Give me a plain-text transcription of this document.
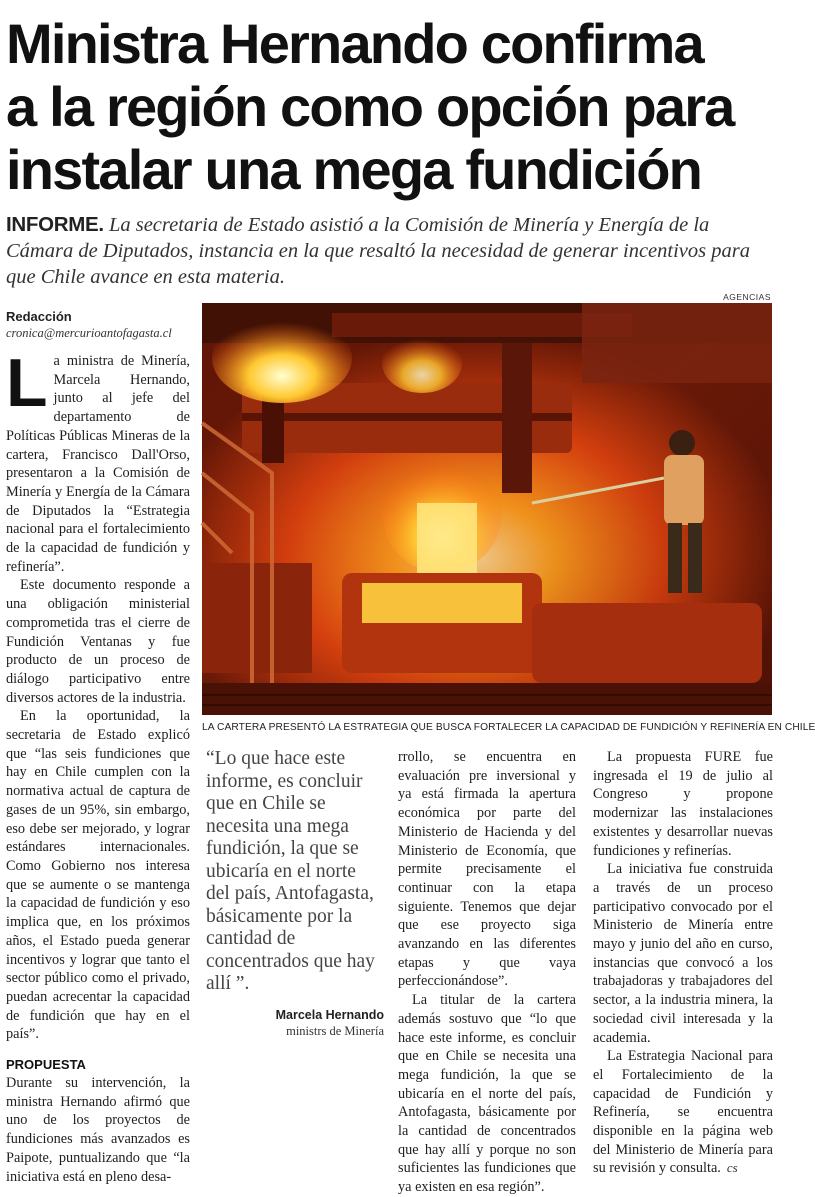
Ministra Hernando confirma
a la región como opción para
instalar una mega fundición
INFORME. La secretaria de Estado asistió a la Comisión de Minería y Energía de la Cámara de Diputados, instancia en la que resaltó la necesidad de generar incentivos para que Chile avance en esta materia.
Redacción
cronica@mercurioantofagasta.cl
AGENCIAS
LA CARTERA PRESENTÓ LA ESTRATEGIA QUE BUSCA FORTALECER LA CAPACIDAD DE FUNDICIÓN Y REFINERÍA EN CHILE
L a ministra de Minería, Marcela Hernando, junto al jefe del departamento de Políticas Públicas Mineras de la cartera, Francisco Dall'Orso, presentaron a la Comisión de Minería y Energía de la Cámara de Diputados la “Estrategia nacional para el fortalecimiento de la capacidad de fundición y refinería”.

Este documento responde a una obligación ministerial comprometida tras el cierre de Fundición Ventanas y fue producto de un proceso de diálogo participativo entre diversos actores de la industria.

En la oportunidad, la secretaria de Estado explicó que “las seis fundiciones que hay en Chile cumplen con la normativa actual de captura de gases de un 95%, sin embargo, eso debe ser mejorado, y lograr estándares internacionales. Como Gobierno nos interesa que se aumente o se mantenga la capacidad de fundición y eso implica que, en los próximos años, el Estado pueda generar incentivos y lograr que tanto el sector público como el privado, puedan acrecentar la capacidad de fundición que hay en el país”.

PROPUESTA

Durante su intervención, la ministra Hernando afirmó que uno de los proyectos de fundiciones más avanzados es Paipote, puntualizando que “la iniciativa está en pleno desa-

“Lo que hace este informe, es concluir que en Chile se necesita una mega fundición, la que se ubicaría en el norte del país, Antofagasta, básicamente por la cantidad de concentrados que hay allí ”.
Marcela Hernando
ministrs de Minería

rrollo, se encuentra en evaluación pre inversional y ya está firmada la apertura económica por parte del Ministerio de Hacienda y del Ministerio de Economía, que permite precisamente el continuar con la etapa siguiente. Tenemos que dejar que ese proyecto siga avanzando en las diferentes etapas y que vaya perfeccionándose”.

La titular de la cartera además sostuvo que “lo que hace este informe, es concluir que en Chile se necesita una mega fundición, la que se ubicaría en el norte del país, Antofagasta, básicamente por la cantidad de concentrados que hay allí y porque no son suficientes las fundiciones que ya existen en esa región”.

La propuesta FURE fue ingresada el 19 de julio al Congreso y propone modernizar las instalaciones existentes y desarrollar nuevas fundiciones y refinerías.

La iniciativa fue construida a través de un proceso participativo convocado por el Ministerio de Minería entre mayo y junio del año en curso, instancias que convocó a los trabajadoras y trabajadores del sector, a la industria minera, la sociedad civil interesada y la academia.

La Estrategia Nacional para el Fortalecimiento de la capacidad de Fundición y Refinería, se encuentra disponible en la página web del Ministerio de Minería para su revisión y consulta. cs
